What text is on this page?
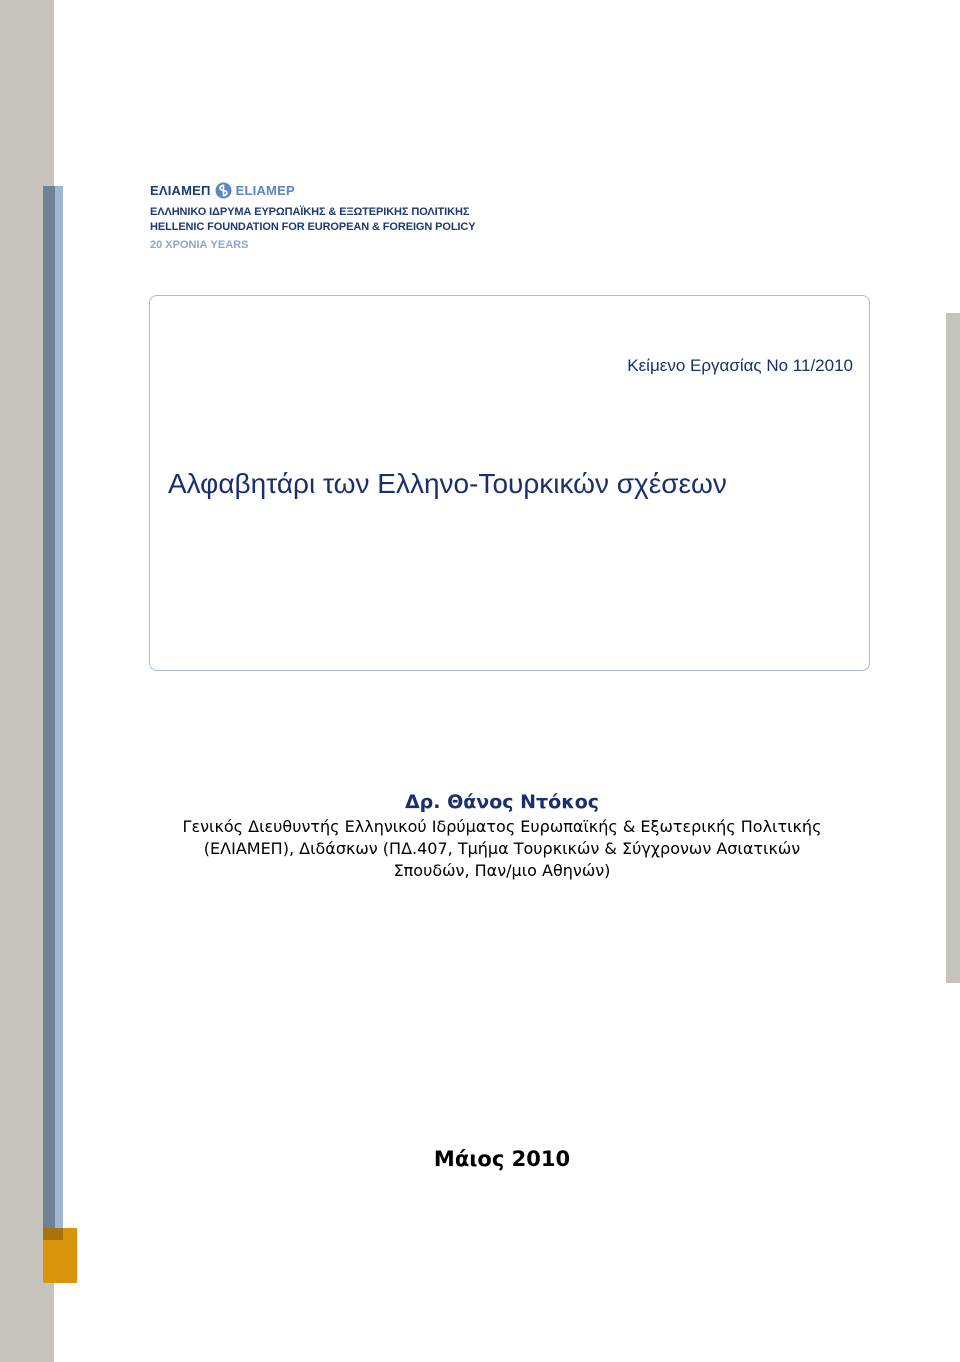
ΕΛΙΑΜΕΠ ELIAMEP
ΕΛΛΗΝΙΚΟ ΙΔΡΥΜΑ ΕΥΡΩΠΑΪΚΗΣ & ΕΞΩΤΕΡΙΚΗΣ ΠΟΛΙΤΙΚΗΣ
HELLENIC FOUNDATION FOR EUROPEAN & FOREIGN POLICY
20 ΧΡΟΝΙΑ YEARS
Κείμενο Εργασίας Νο 11/2010
Αλφαβητάρι των Ελληνο-Τουρκικών σχέσεων
Δρ. Θάνος Ντόκος
Γενικός Διευθυντής Ελληνικού Ιδρύματος Ευρωπαϊκής & Εξωτερικής Πολιτικής
(ΕΛΙΑΜΕΠ), Διδάσκων (ΠΔ.407, Τμήμα Τουρκικών & Σύγχρονων Ασιατικών
Σπουδών, Παν/μιο Αθηνών)
Μάιος 2010
